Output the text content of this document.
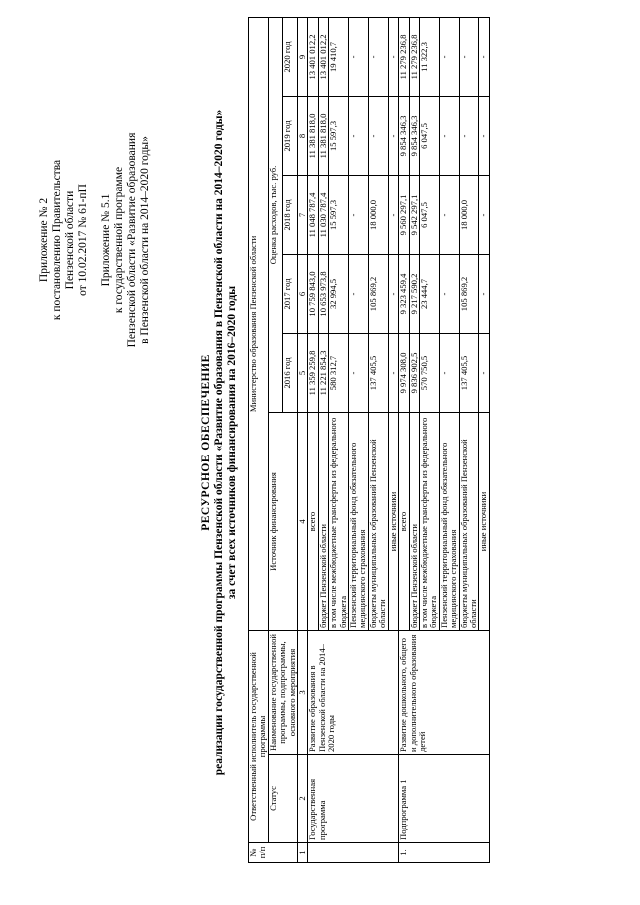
Приложение № 2 к постановлению Правительства Пензенской области от 10.02.2017 № 61-пП Приложение № 5.1 к государственной программе Пензенской области «Развитие образования в Пензенской области на 2014–2020 годы»
РЕСУРСНОЕ ОБЕСПЕЧЕНИЕ реализации государственной программы Пензенской области «Развитие образования в Пензенской области на 2014–2020 годы» за счет всех источников финансирования на 2016–2020 годы
№ п/п	Ответственный исполнитель государственной программы		Министерство образования Пензенской области					
	Статус	Наименование государственной программы, подпрограммы, основного мероприятия	Источник финансирования	Оценка расходов, тыс. руб.				
				2016 год	2017 год	2018 год	2019 год	2020 год
1	2	3	4	5	6	7	8	9
	Государственная программа	Развитие образования в Пензенской области на 2014–2020 годы	всего	11 359 259,8	10 759 843,0	11 048 787,4	11 381 818,0	13 401 012,2
			бюджет Пензенской области	11 221 854,3	10 653 973,8	11 030 787,4	11 381 818,0	13 401 012,2
			в том числе межбюджетные трансферты из федерального бюджета	580 312,7	32 994,5	15 597,3	15 597,3	19 410,7
			Пензенский территориальный фонд обязательного медицинского страхования	-	-	-	-	-
			бюджеты муниципальных образований Пензенской области	137 405,5	105 869,2	18 000,0	-	-
			иные источники	-	-	-	-	-
1.	Подпрограмма 1	Развитие дошкольного, общего и дополнительного образования детей	всего	9 974 308,0	9 323 459,4	9 560 297,1	9 854 346,3	11 279 236,8
			бюджет Пензенской области	9 836 902,5	9 217 590,2	9 542 297,1	9 854 346,3	11 279 236,8
			в том числе межбюджетные трансферты из федерального бюджета	570 750,5	23 444,7	6 047,5	6 047,5	11 322,3
			Пензенский территориальный фонд обязательного медицинского страхования	-	-	-	-	-
			бюджеты муниципальных образований Пензенской области	137 405,5	105 869,2	18 000,0	-	-
			иные источники	-	-	-	-	-
